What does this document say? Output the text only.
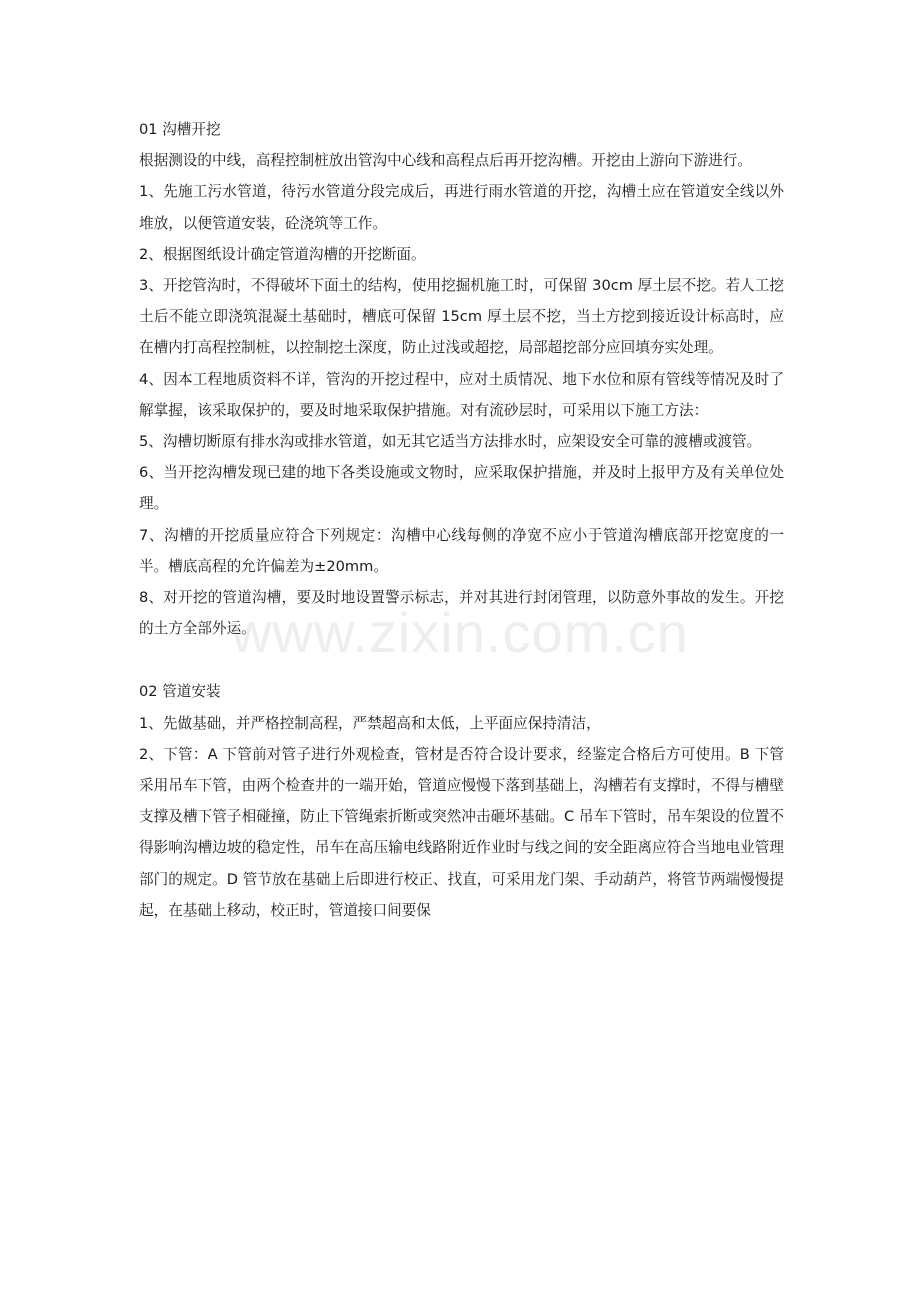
01 沟槽开挖

根据测设的中线，高程控制桩放出管沟中心线和高程点后再开挖沟槽。开挖由上游向下游进行。

1、先施工污水管道，待污水管道分段完成后，再进行雨水管道的开挖，沟槽土应在管道安全线以外堆放，以便管道安装，砼浇筑等工作。

2、根据图纸设计确定管道沟槽的开挖断面。

3、开挖管沟时，不得破坏下面土的结构，使用挖掘机施工时，可保留 30cm 厚土层不挖。若人工挖土后不能立即浇筑混凝土基础时，槽底可保留 15cm 厚土层不挖，当土方挖到接近设计标高时，应在槽内打高程控制桩，以控制挖土深度，防止过浅或超挖，局部超挖部分应回填夯实处理。

4、因本工程地质资料不详，管沟的开挖过程中，应对土质情况、地下水位和原有管线等情况及时了解掌握，该采取保护的，要及时地采取保护措施。对有流砂层时，可采用以下施工方法：

5、沟槽切断原有排水沟或排水管道，如无其它适当方法排水时，应架设安全可靠的渡槽或渡管。

6、当开挖沟槽发现已建的地下各类设施或文物时，应采取保护措施，并及时上报甲方及有关单位处理。

7、沟槽的开挖质量应符合下列规定：沟槽中心线每侧的净宽不应小于管道沟槽底部开挖宽度的一半。槽底高程的允许偏差为±20mm。

8、对开挖的管道沟槽，要及时地设置警示标志，并对其进行封闭管理，以防意外事故的发生。开挖的土方全部外运。

02 管道安装

1、先做基础，并严格控制高程，严禁超高和太低，上平面应保持清洁，

2、下管：A 下管前对管子进行外观检查，管材是否符合设计要求，经鉴定合格后方可使用。B 下管采用吊车下管，由两个检查井的一端开始，管道应慢慢下落到基础上，沟槽若有支撑时，不得与槽壁支撑及槽下管子相碰撞，防止下管绳索折断或突然冲击砸坏基础。C 吊车下管时，吊车架设的位置不得影响沟槽边坡的稳定性，吊车在高压输电线路附近作业时与线之间的安全距离应符合当地电业管理部门的规定。D 管节放在基础上后即进行校正、找直，可采用龙门架、手动葫芦，将管节两端慢慢提起，在基础上移动，校正时，管道接口间要保

www.zixin.com.cn
